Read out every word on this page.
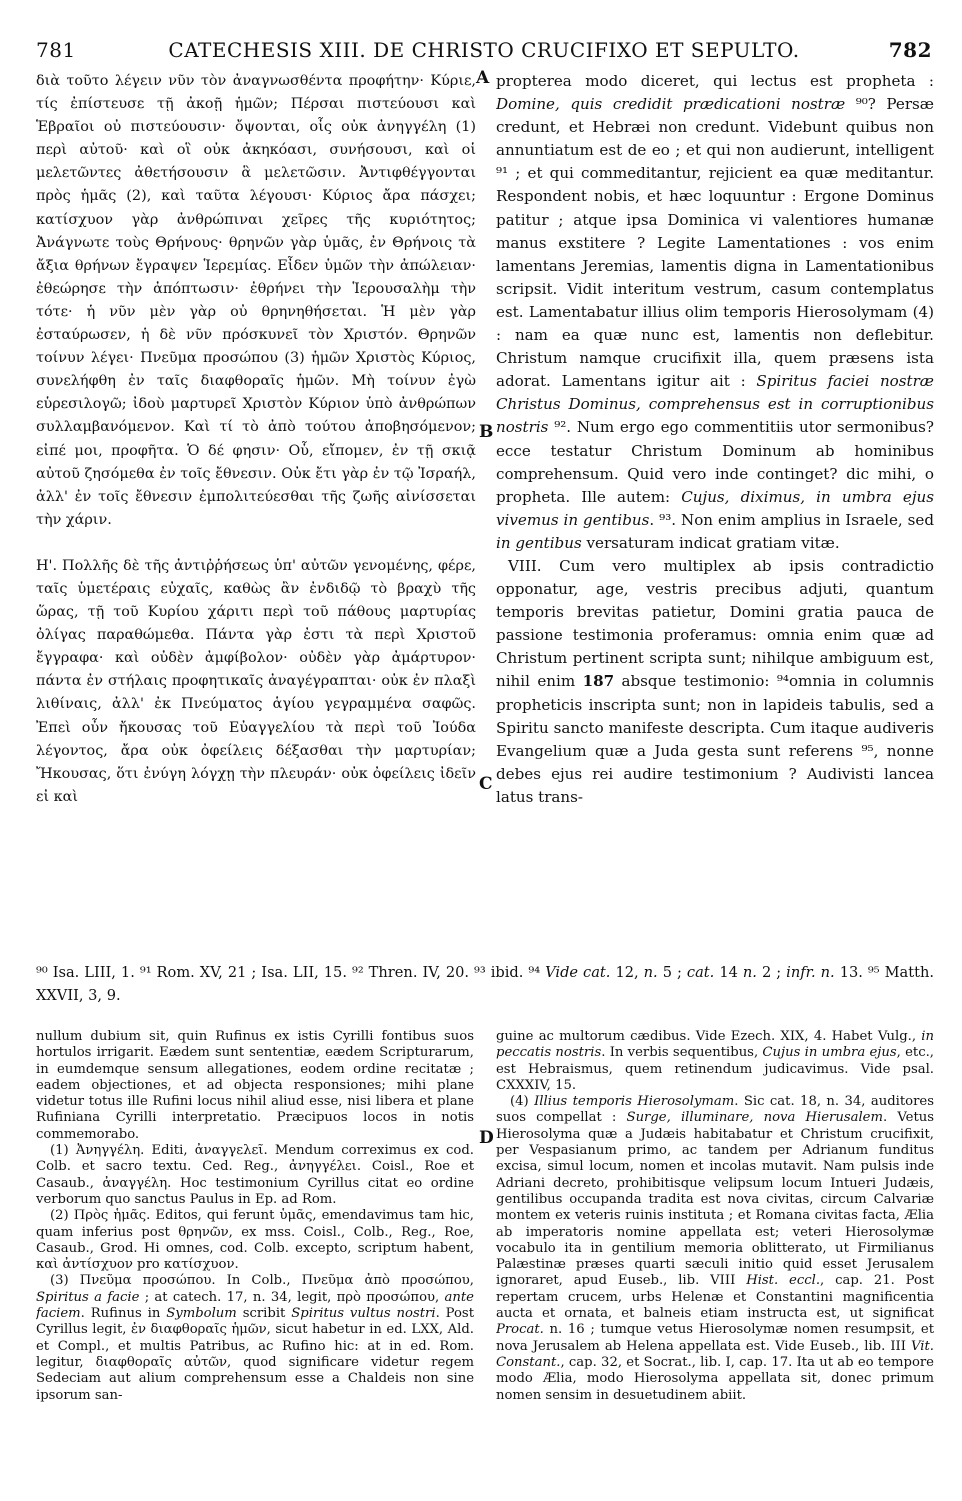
781	CATECHESIS XIII. DE CHRISTO CRUCIFIXO ET SEPULTO.	782
A
B
C
D

διὰ τοῦτο λέγειν νῦν τὸν ἀναγνωσθέντα προφήτην· Κύριε, τίς ἐπίστευσε τῇ ἀκοῇ ἡμῶν; Πέρσαι πιστεύουσι καὶ Ἑβραῖοι οὐ πιστεύουσιν· ὄψονται, οἷς οὐκ ἀνηγγέλη (1) περὶ αὐτοῦ· καὶ οἳ οὐκ ἀκηκόασι, συνήσουσι, καὶ οἱ μελετῶντες ἀθετήσουσιν ἃ μελετῶσιν. Ἀντιφθέγγονται πρὸς ἡμᾶς (2), καὶ ταῦτα λέγουσι· Κύριος ἄρα πάσχει; κατίσχυον γὰρ ἀνθρώπιναι χεῖρες τῆς κυριότητος; Ἀνάγνωτε τοὺς Θρήνους· θρηνῶν γὰρ ὑμᾶς, ἐν Θρήνοις τὰ ἄξια θρήνων ἔγραψεν Ἱερεμίας. Εἶδεν ὑμῶν τὴν ἀπώλειαν· ἐθεώρησε τὴν ἀπόπτωσιν· ἐθρήνει τὴν Ἱερουσαλὴμ τὴν τότε· ἡ νῦν μὲν γὰρ οὐ θρηνηθήσεται. Ἡ μὲν γὰρ ἐσταύρωσεν, ἡ δὲ νῦν πρόσκυνεῖ τὸν Χριστόν. Θρηνῶν τοίνυν λέγει· Πνεῦμα προσώπου (3) ἡμῶν Χριστὸς Κύριος, συνελήφθη ἐν ταῖς διαφθοραῖς ἡμῶν. Μὴ τοίνυν ἐγὼ εὑρεσιλογῶ; ἰδοὺ μαρτυρεῖ Χριστὸν Κύριον ὑπὸ ἀνθρώπων συλλαμβανόμενον. Καὶ τί τὸ ἀπὸ τούτου ἀποβησόμενον; εἰπέ μοι, προφῆτα. Ὁ δέ φησιν· Οὗ, εἴπομεν, ἐν τῇ σκιᾷ αὐτοῦ ζησόμεθα ἐν τοῖς ἔθνεσιν. Οὐκ ἔτι γὰρ ἐν τῷ Ἰσραήλ, ἀλλ' ἐν τοῖς ἔθνεσιν ἐμπολιτεύεσθαι τῆς ζωῆς αἰνίσσεται τὴν χάριν.

Η'. Πολλῆς δὲ τῆς ἀντιῤῥήσεως ὑπ' αὐτῶν γενομένης, φέρε, ταῖς ὑμετέραις εὐχαῖς, καθὼς ἂν ἐνδιδῷ τὸ βραχὺ τῆς ὥρας, τῇ τοῦ Κυρίου χάριτι περὶ τοῦ πάθους μαρτυρίας ὀλίγας παραθώμεθα. Πάντα γὰρ ἐστι τὰ περὶ Χριστοῦ ἔγγραφα· καὶ οὐδὲν ἀμφίβολον· οὐδὲν γὰρ ἀμάρτυρον· πάντα ἐν στήλαις προφητικαῖς ἀναγέγραπται· οὐκ ἐν πλαξὶ λιθίναις, ἀλλ' ἐκ Πνεύματος ἁγίου γεγραμμένα σαφῶς. Ἐπεὶ οὖν ἤκουσας τοῦ Εὐαγγελίου τὰ περὶ τοῦ Ἰούδα λέγοντος, ἄρα οὐκ ὀφείλεις δέξασθαι τὴν μαρτυρίαν; Ἤκουσας, ὅτι ἐνύγη λόγχῃ τὴν πλευράν· οὐκ ὀφείλεις ἰδεῖν εἰ καὶ

propterea modo diceret, qui lectus est propheta : Domine, quis credidit prædicationi nostræ ⁹⁰? Persæ credunt, et Hebræi non credunt. Videbunt quibus non annuntiatum est de eo ; et qui non audierunt, intelligent ⁹¹ ; et qui commeditantur, rejicient ea quæ meditantur. Respondent nobis, et hæc loquuntur : Ergone Dominus patitur ; atque ipsa Dominica vi valentiores humanæ manus exstitere ? Legite Lamentationes : vos enim lamentans Jeremias, lamentis digna in Lamentationibus scripsit. Vidit interitum vestrum, casum contemplatus est. Lamentabatur illius olim temporis Hierosolymam (4) : nam ea quæ nunc est, lamentis non deflebitur. Christum namque crucifixit illa, quem præsens ista adorat. Lamentans igitur ait : Spiritus faciei nostræ Christus Dominus, comprehensus est in corruptionibus nostris ⁹². Num ergo ego commentitiis utor sermonibus? ecce testatur Christum Dominum ab hominibus comprehensum. Quid vero inde continget? dic mihi, o propheta. Ille autem: Cujus, diximus, in umbra ejus vivemus in gentibus. ⁹³. Non enim amplius in Israele, sed in gentibus versaturam indicat gratiam vitæ.

VIII. Cum vero multiplex ab ipsis contradictio opponatur, age, vestris precibus adjuti, quantum temporis brevitas patietur, Domini gratia pauca de passione testimonia proferamus: omnia enim quæ ad Christum pertinent scripta sunt; nihilque ambiguum est, nihil enim 187 absque testimonio: ⁹⁴omnia in columnis propheticis inscripta sunt; non in lapideis tabulis, sed a Spiritu sancto manifeste descripta. Cum itaque audiveris Evangelium quæ a Juda gesta sunt referens ⁹⁵, nonne debes ejus rei audire testimonium ? Audivisti lancea latus trans-

⁹⁰ Isa. LIII, 1. ⁹¹ Rom. XV, 21 ; Isa. LII, 15. ⁹² Thren. IV, 20. ⁹³ ibid. ⁹⁴ Vide cat. 12, n. 5 ; cat. 14 n. 2 ; infr. n. 13. ⁹⁵ Matth. XXVII, 3, 9.

nullum dubium sit, quin Rufinus ex istis Cyrilli fontibus suos hortulos irrigarit. Eædem sunt sententiæ, eædem Scripturarum, in eumdemque sensum allegationes, eodem ordine recitatæ ; eadem objectiones, et ad objecta responsiones; mihi plane videtur totus ille Rufini locus nihil aliud esse, nisi libera et plane Rufiniana Cyrilli interpretatio. Præcipuos locos in notis commemorabo.

(1) Ἀνηγγέλη. Editi, ἀναγγελεῖ. Mendum correximus ex cod. Colb. et sacro textu. Ced. Reg., ἀνηγγέλει. Coisl., Roe et Casaub., ἀναγγέλη. Hoc testimonium Cyrillus citat eo ordine verborum quo sanctus Paulus in Ep. ad Rom.

(2) Πρὸς ἡμᾶς. Editos, qui ferunt ὑμᾶς, emendavimus tam hic, quam inferius post θρηνῶν, ex mss. Coisl., Colb., Reg., Roe, Casaub., Grod. Hi omnes, cod. Colb. excepto, scriptum habent, καὶ ἀντίσχυον pro κατίσχυον.

(3) Πνεῦμα προσώπου. In Colb., Πνεῦμα ἀπὸ προσώπου, Spiritus a facie ; at catech. 17, n. 34, legit, πρὸ προσώπου, ante faciem. Rufinus in Symbolum scribit Spiritus vultus nostri. Post Cyrillus legit, ἐν διαφθοραῖς ἡμῶν, sicut habetur in ed. LXX, Ald. et Compl., et multis Patribus, ac Rufino hic: at in ed. Rom. legitur, διαφθοραῖς αὐτῶν, quod significare videtur regem Sedeciam aut alium comprehensum esse a Chaldeis non sine ipsorum san-

guine ac multorum cædibus. Vide Ezech. XIX, 4. Habet Vulg., in peccatis nostris. In verbis sequentibus, Cujus in umbra ejus, etc., est Hebraismus, quem retinendum judicavimus. Vide psal. CXXXIV, 15.

(4) Illius temporis Hierosolymam. Sic cat. 18, n. 34, auditores suos compellat : Surge, illuminare, nova Hierusalem. Vetus Hierosolyma quæ a Judæis habitabatur et Christum crucifixit, per Vespasianum primo, ac tandem per Adrianum funditus excisa, simul locum, nomen et incolas mutavit. Nam pulsis inde Adriani decreto, prohibitisque velipsum locum Intueri Judæis, gentilibus occupanda tradita est nova civitas, circum Calvariæ montem ex veteris ruinis instituta ; et Romana civitas facta, Ælia ab imperatoris nomine appellata est; veteri Hierosolymæ vocabulo ita in gentilium memoria oblitterato, ut Firmilianus Palæstinæ præses quarti sæculi initio quid esset Jerusalem ignoraret, apud Euseb., lib. VIII Hist. eccl., cap. 21. Post repertam crucem, urbs Helenæ et Constantini magnificentia aucta et ornata, et balneis etiam instructa est, ut significat Procat. n. 16 ; tumque vetus Hierosolymæ nomen resumpsit, et nova Jerusalem ab Helena appellata est. Vide Euseb., lib. III Vit. Constant., cap. 32, et Socrat., lib. I, cap. 17. Ita ut ab eo tempore modo Ælia, modo Hierosolyma appellata sit, donec primum nomen sensim in desuetudinem abiit.
